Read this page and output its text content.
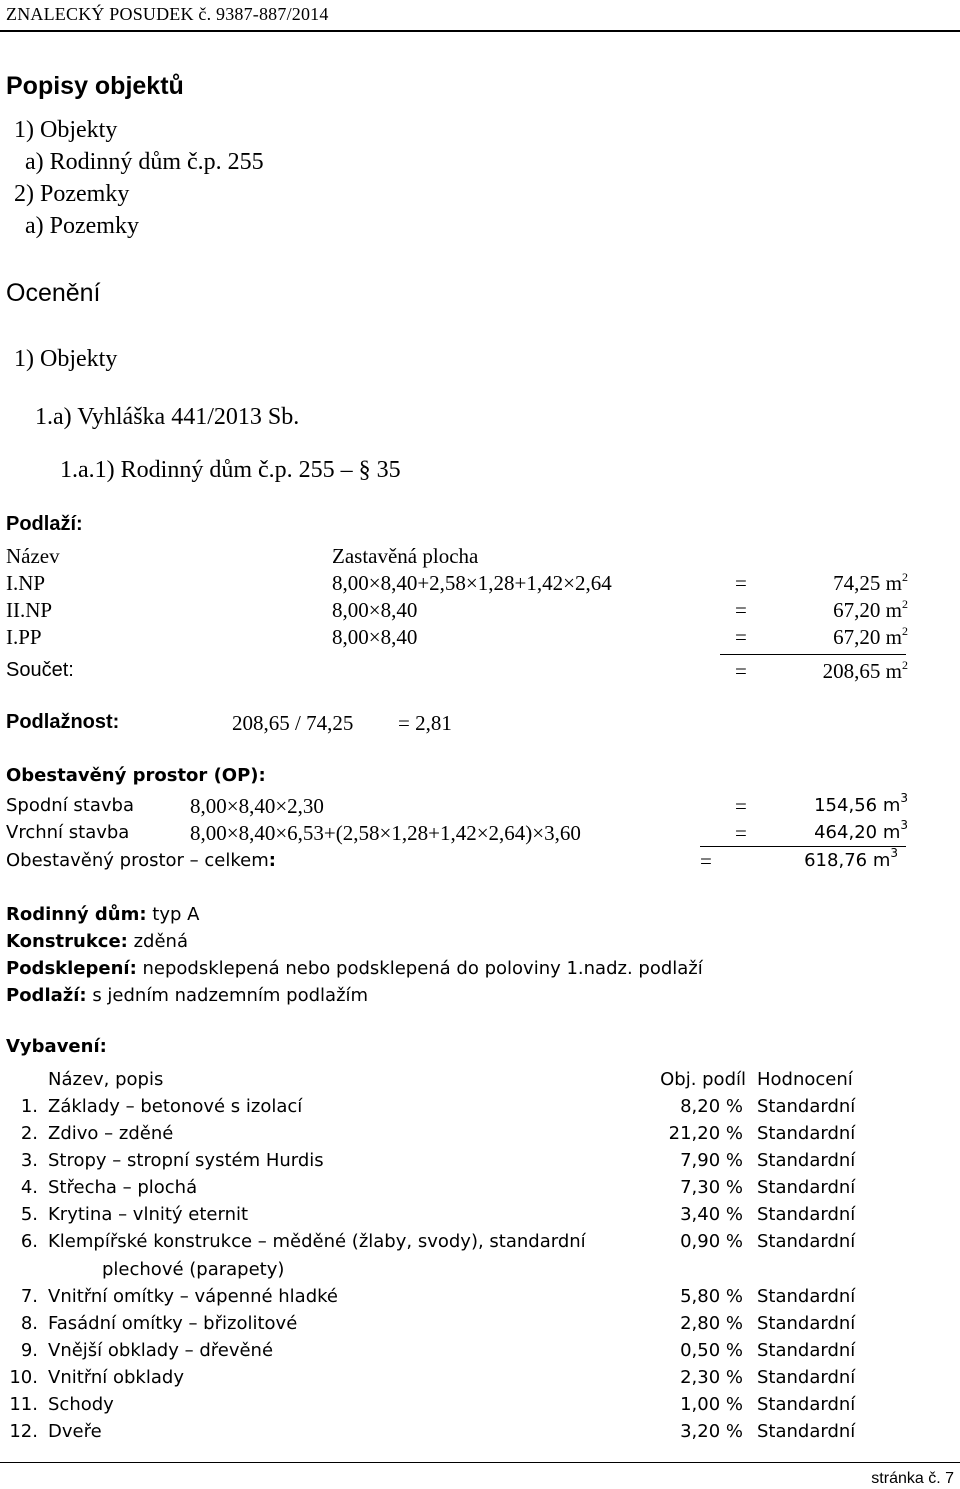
ZNALECKÝ POSUDEK č. 9387-887/2014
Popisy objektů
1) Objekty
a) Rodinný dům č.p. 255
2) Pozemky
a) Pozemky
Ocenění
1) Objekty
1.a) Vyhláška 441/2013 Sb.
1.a.1) Rodinný dům č.p. 255 – § 35
Podlaží:
Název	Zastavěná plocha
I.NP	8,00×8,40+2,58×1,28+1,42×2,64	=	74,25 $m^2$
II.NP	8,00×8,40	=	67,20 $m^2$
I.PP	8,00×8,40	=	67,20 $m^2$
Součet:	=	208,65 $m^2$
Podlažnost:	208,65 / 74,25 = 2,81
Obestavěný prostor (OP):
Spodní stavba	8,00×8,40×2,30	=	154,56 $m^3$
Vrchní stavba	8,00×8,40×6,53+(2,58×1,28+1,42×2,64)×3,60	=	464,20 $m^3$
Obestavěný prostor – celkem:	=	618,76 $m^3$
Rodinný dům: typ A
Konstrukce: zděná
Podsklepení: nepodsklepená nebo podsklepená do poloviny 1.nadz. podlaží
Podlaží: s jedním nadzemním podlažím
Vybavení:
Název, popis	Obj. podíl Hodnocení
1. Základy – betonové s izolací	8,20 % Standardní
2. Zdivo – zděné	21,20 % Standardní
3. Stropy – stropní systém Hurdis	7,90 % Standardní
4. Střecha – plochá	7,30 % Standardní
5. Krytina – vlnitý eternit	3,40 % Standardní
6. Klempířské konstrukce – měděné (žlaby, svody), standardní	0,90 % Standardní
plechové (parapety)
7. Vnitřní omítky – vápenné hladké	5,80 % Standardní
8. Fasádní omítky – břizolitové	2,80 % Standardní
9. Vnější obklady – dřevěné	0,50 % Standardní
10. Vnitřní obklady	2,30 % Standardní
11. Schody	1,00 % Standardní
12. Dveře	3,20 % Standardní
stránka č. 7
